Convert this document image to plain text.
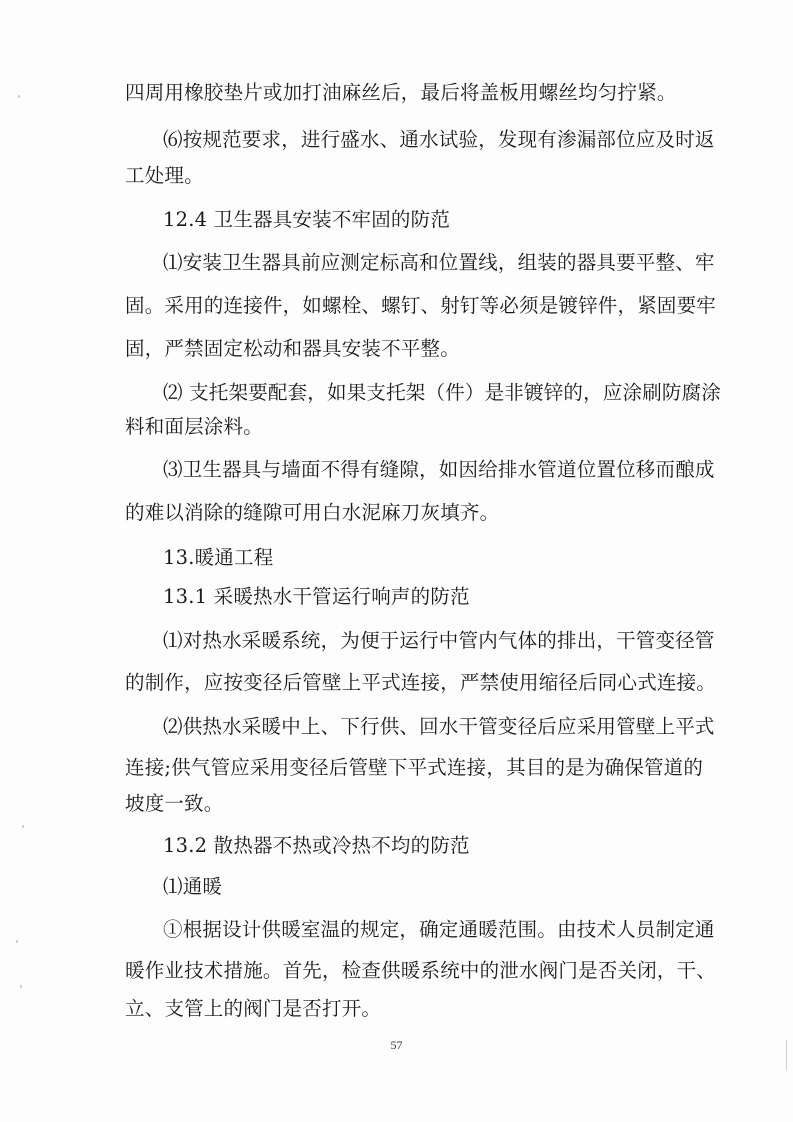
四周用橡胶垫片或加打油麻丝后，最后将盖板用螺丝均匀拧紧。
⑹按规范要求，进行盛水、通水试验，发现有渗漏部位应及时返
工处理。
12.4 卫生器具安装不牢固的防范
⑴安装卫生器具前应测定标高和位置线，组装的器具要平整、牢
固。采用的连接件，如螺栓、螺钉、射钉等必须是镀锌件，紧固要牢
固，严禁固定松动和器具安装不平整。
⑵ 支托架要配套，如果支托架（件）是非镀锌的，应涂刷防腐涂
料和面层涂料。
⑶卫生器具与墙面不得有缝隙，如因给排水管道位置位移而酿成
的难以消除的缝隙可用白水泥麻刀灰填齐。
13.暖通工程
13.1 采暖热水干管运行响声的防范
⑴对热水采暖系统，为便于运行中管内气体的排出，干管变径管
的制作，应按变径后管壁上平式连接，严禁使用缩径后同心式连接。
⑵供热水采暖中上、下行供、回水干管变径后应采用管壁上平式
连接;供气管应采用变径后管壁下平式连接，其目的是为确保管道的
坡度一致。
13.2 散热器不热或冷热不均的防范
⑴通暖
①根据设计供暖室温的规定，确定通暖范围。由技术人员制定通
暖作业技术措施。首先，检查供暖系统中的泄水阀门是否关闭，干、
立、支管上的阀门是否打开。
57
